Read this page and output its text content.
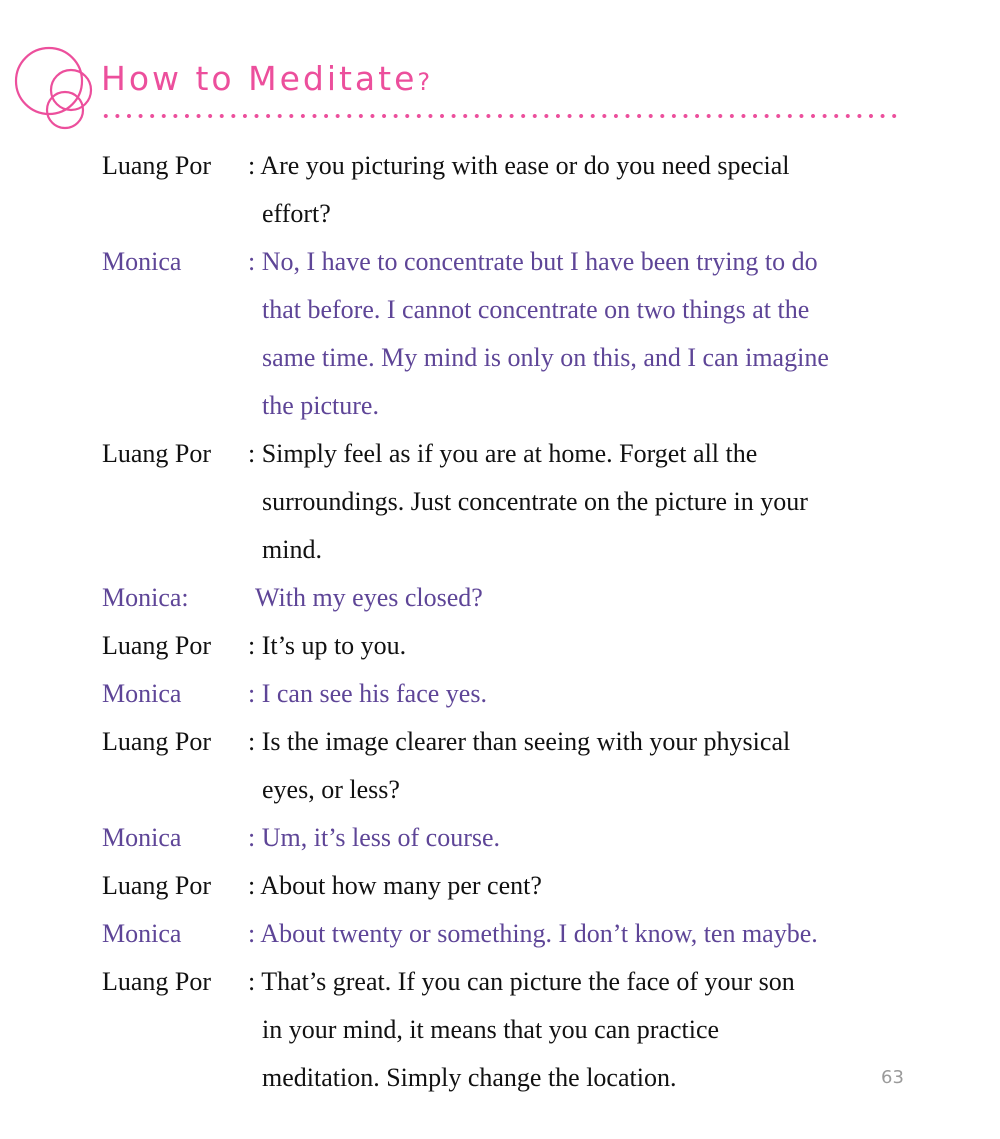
How to Meditate?
Luang Por : Are you picturing with ease or do you need special
effort?
Monica	: No, I have to concentrate but I have been trying to do
that before. I cannot concentrate on two things at the
same time. My mind is only on this, and I can imagine
the picture.
Luang Por : Simply feel as if you are at home. Forget all the
surroundings. Just concentrate on the picture in your
mind.
Monica:	With my eyes closed?
Luang Por : It’s up to you.
Monica	: I can see his face yes.
Luang Por : Is the image clearer than seeing with your physical
eyes, or less?
Monica	: Um, it’s less of course.
Luang Por : About how many per cent?
Monica	: About twenty or something. I don’t know, ten maybe.
Luang Por : That’s great. If you can picture the face of your son
in your mind, it means that you can practice
meditation. Simply change the location.	63
